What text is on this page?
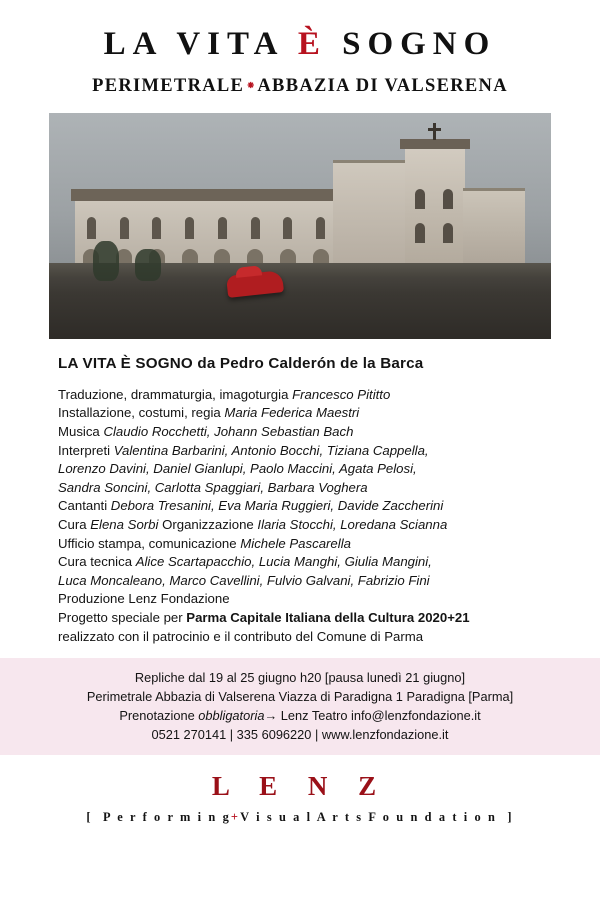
LA VITA È SOGNO
PERIMETRALE ⁕ ABBAZIA DI VALSERENA
LA VITA È SOGNO da Pedro Calderón de la Barca

Traduzione, drammaturgia, imagoturgia Francesco Pititto

Installazione, costumi, regia Maria Federica Maestri

Musica Claudio Rocchetti, Johann Sebastian Bach

Interpreti Valentina Barbarini, Antonio Bocchi, Tiziana Cappella,

Lorenzo Davini, Daniel Gianlupi, Paolo Maccini, Agata Pelosi,

Sandra Soncini, Carlotta Spaggiari, Barbara Voghera

Cantanti Debora Tresanini, Eva Maria Ruggieri, Davide Zaccherini

Cura Elena Sorbi Organizzazione Ilaria Stocchi, Loredana Scianna

Ufficio stampa, comunicazione Michele Pascarella

Cura tecnica Alice Scartapacchio, Lucia Manghi, Giulia Mangini,

Luca Moncaleano, Marco Cavellini, Fulvio Galvani, Fabrizio Fini

Produzione Lenz Fondazione

Progetto speciale per Parma Capitale Italiana della Cultura 2020+21

realizzato con il patrocinio e il contributo del Comune di Parma

Repliche dal 19 al 25 giugno h20 [pausa lunedì 21 giugno]
Perimetrale Abbazia di Valserena Viazza di Paradigna 1 Paradigna [Parma]
Prenotazione obbligatoria→ Lenz Teatro info@lenzfondazione.it
0521 270141 | 335 6096220 | www.lenzfondazione.it
L E N Z
[ P e r f o r m i n g+V i s u a l A r t s F o u n d a t i o n ]
